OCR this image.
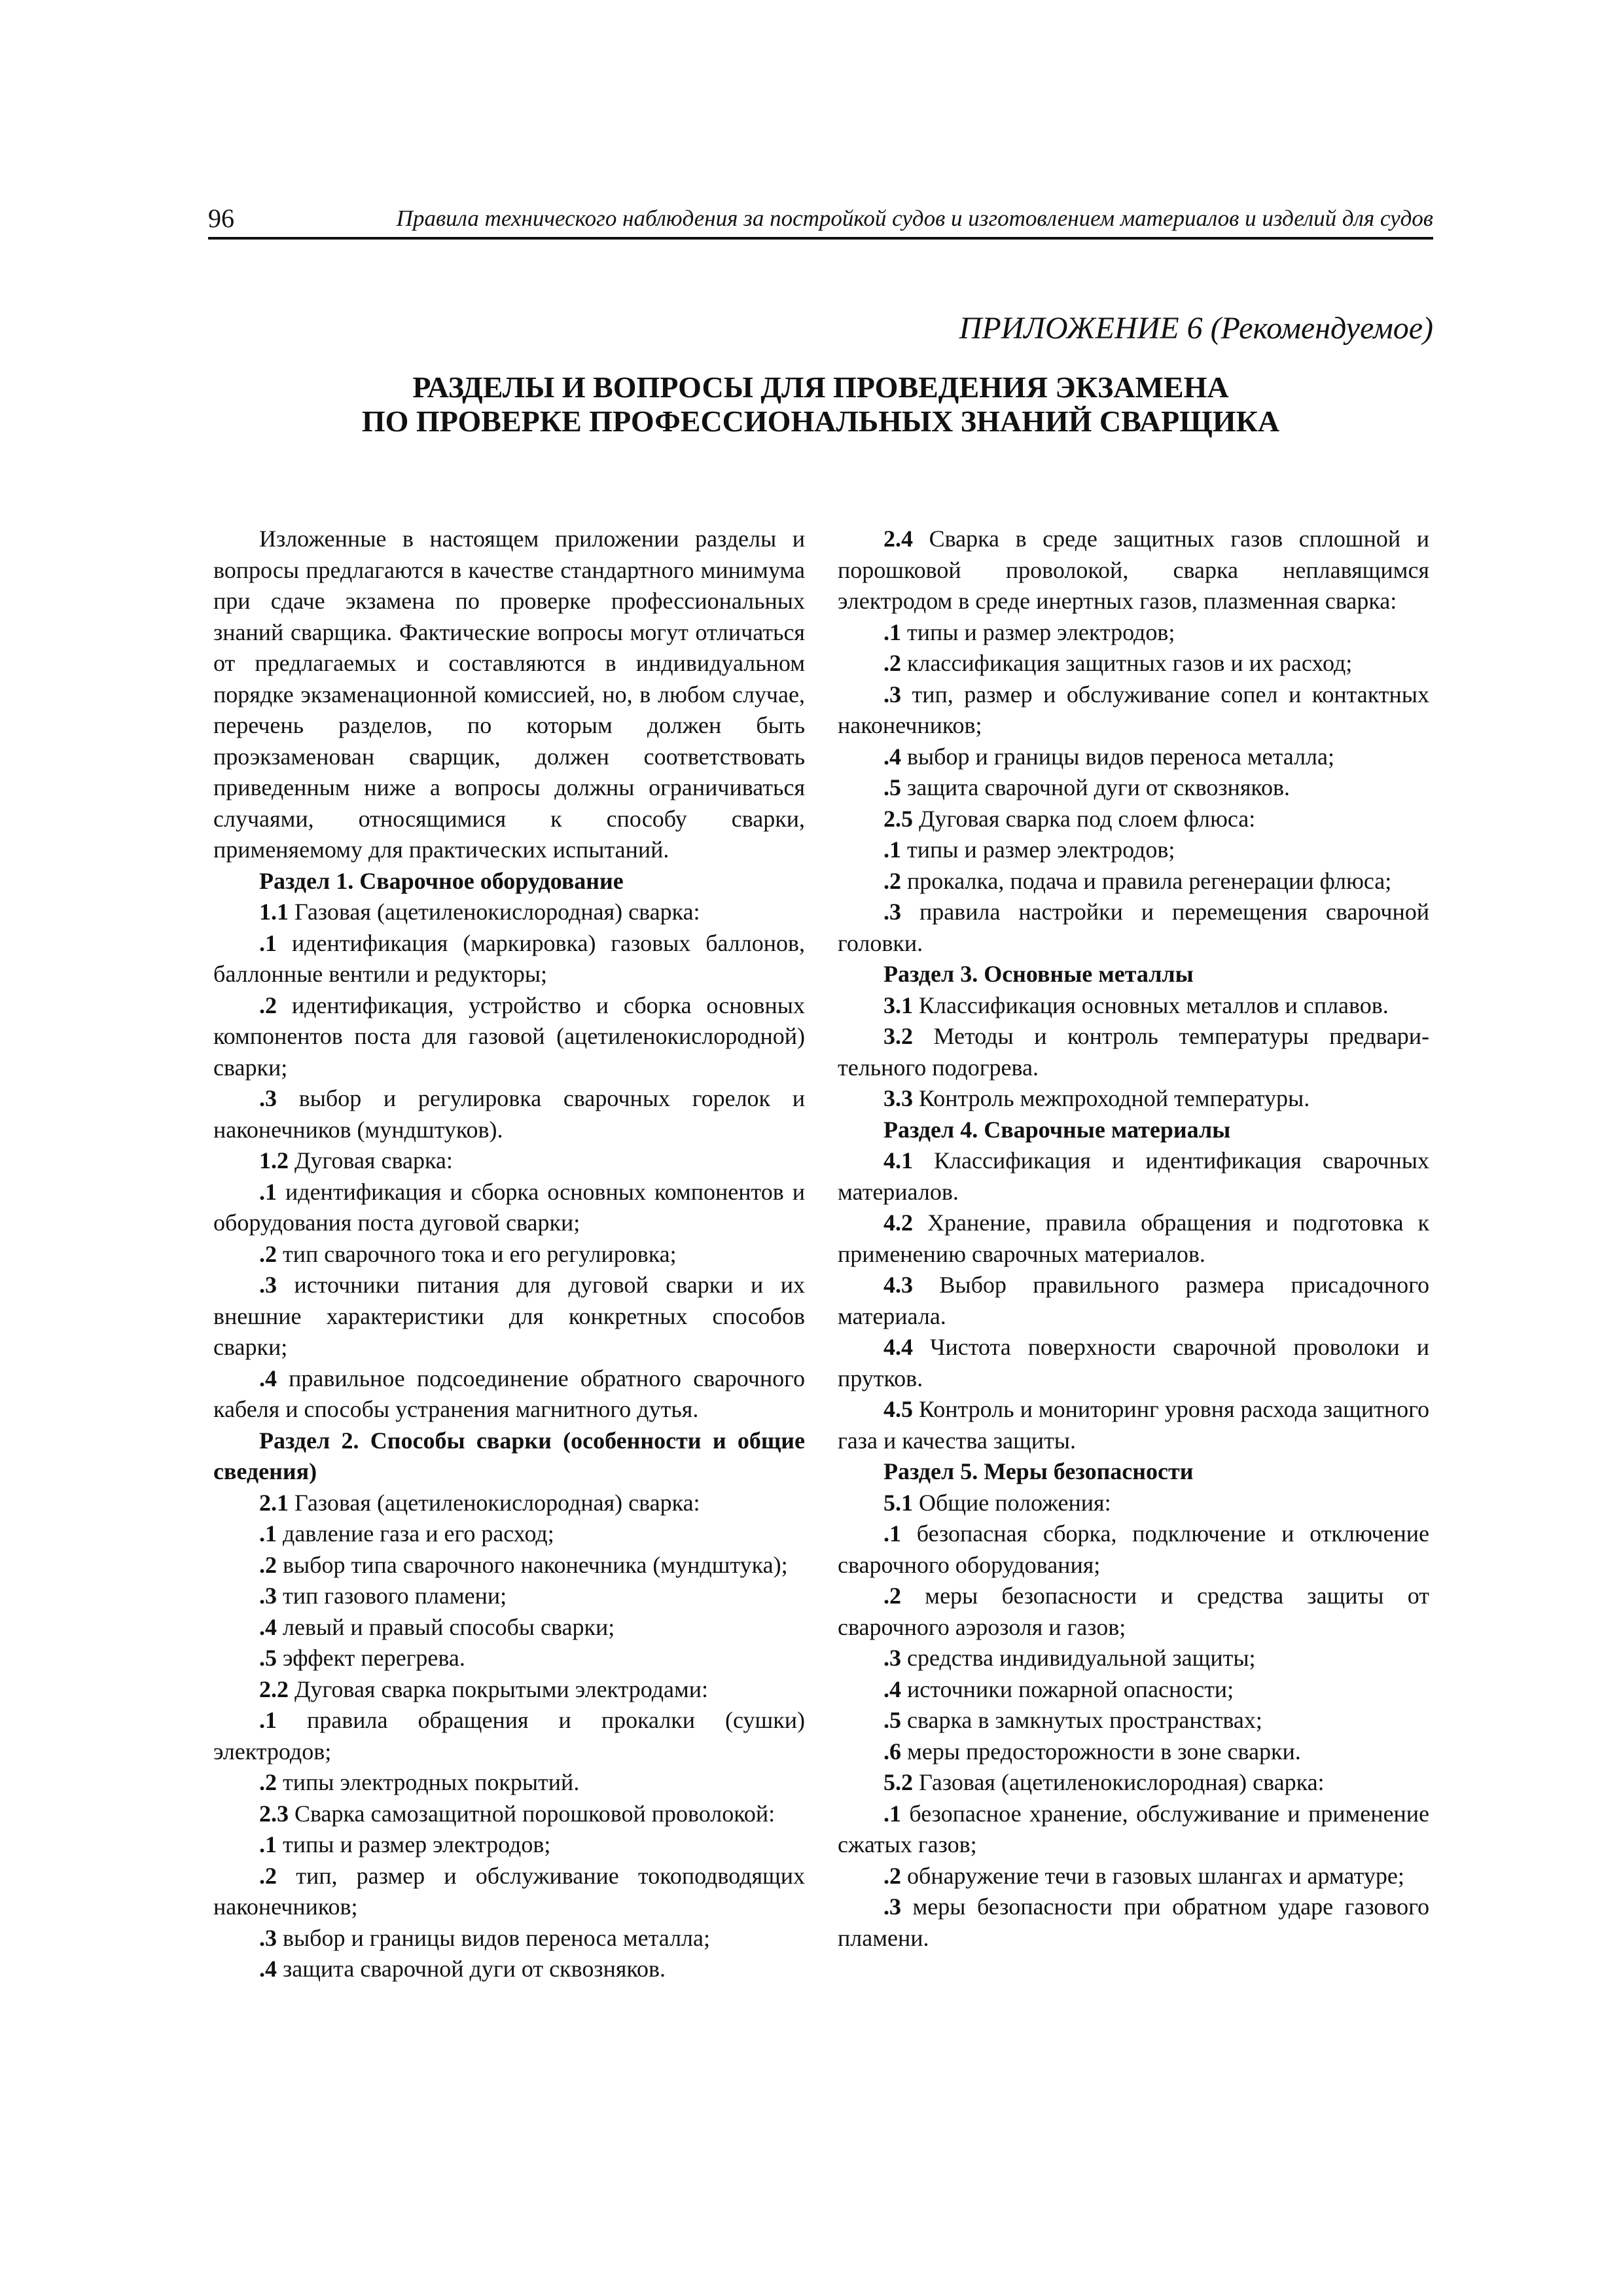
96	Правила технического наблюдения за постройкой судов и изготовлением материалов и изделий для судов
ПРИЛОЖЕНИЕ 6 (Рекомендуемое)
РАЗДЕЛЫ И ВОПРОСЫ ДЛЯ ПРОВЕДЕНИЯ ЭКЗАМЕНА
ПО ПРОВЕРКЕ ПРОФЕССИОНАЛЬНЫХ ЗНАНИЙ СВАРЩИКА

Изложенные в настоящем приложении разделы и вопросы предлагаются в качестве стандартного минимума при сдаче экзамена по проверке профессиональных знаний сварщика. Фактические вопросы могут отличаться от предлагаемых и составляются в индивидуальном порядке экзаменационной комиссией, но, в любом случае, перечень разделов, по которым должен быть проэкзаменован сварщик, должен соответствовать приведенным ниже а вопросы должны ограничиваться случаями, относящимися к способу сварки, применяемому для практических испытаний.

Раздел 1. Сварочное оборудование

1.1 Газовая (ацетиленокислородная) сварка:

.1 идентификация (маркировка) газовых баллонов, баллонные вентили и редукторы;

.2 идентификация, устройство и сборка основных компонентов поста для газовой (ацетиленокислородной) сварки;

.3 выбор и регулировка сварочных горелок и наконечников (мундштуков).

1.2 Дуговая сварка:

.1 идентификация и сборка основных компонентов и оборудования поста дуговой сварки;

.2 тип сварочного тока и его регулировка;

.3 источники питания для дуговой сварки и их внешние характеристики для конкретных способов сварки;

.4 правильное подсоединение обратного сварочного кабеля и способы устранения магнитного дутья.

Раздел 2. Способы сварки (особенности и общие сведения)

2.1 Газовая (ацетиленокислородная) сварка:

.1 давление газа и его расход;

.2 выбор типа сварочного наконечника (мундштука);

.3 тип газового пламени;

.4 левый и правый способы сварки;

.5 эффект перегрева.

2.2 Дуговая сварка покрытыми электродами:

.1 правила обращения и прокалки (сушки) электродов;

.2 типы электродных покрытий.

2.3 Сварка самозащитной порошковой проволокой:

.1 типы и размер электродов;

.2 тип, размер и обслуживание токоподводящих наконечников;

.3 выбор и границы видов переноса металла;

.4 защита сварочной дуги от сквозняков.

2.4 Сварка в среде защитных газов сплошной и порошковой проволокой, сварка неплавящимся электродом в среде инертных газов, плазменная сварка:

.1 типы и размер электродов;

.2 классификация защитных газов и их расход;

.3 тип, размер и обслуживание сопел и контактных наконечников;

.4 выбор и границы видов переноса металла;

.5 защита сварочной дуги от сквозняков.

2.5 Дуговая сварка под слоем флюса:

.1 типы и размер электродов;

.2 прокалка, подача и правила регенерации флюса;

.3 правила настройки и перемещения сварочной головки.

Раздел 3. Основные металлы

3.1 Классификация основных металлов и сплавов.

3.2 Методы и контроль температуры предварительного подогрева.

3.3 Контроль межпроходной температуры.

Раздел 4. Сварочные материалы

4.1 Классификация и идентификация сварочных материалов.

4.2 Хранение, правила обращения и подготовка к применению сварочных материалов.

4.3 Выбор правильного размера присадочного материала.

4.4 Чистота поверхности сварочной проволоки и прутков.

4.5 Контроль и мониторинг уровня расхода защитного газа и качества защиты.

Раздел 5. Меры безопасности

5.1 Общие положения:

.1 безопасная сборка, подключение и отключение сварочного оборудования;

.2 меры безопасности и средства защиты от сварочного аэрозоля и газов;

.3 средства индивидуальной защиты;

.4 источники пожарной опасности;

.5 сварка в замкнутых пространствах;

.6 меры предосторожности в зоне сварки.

5.2 Газовая (ацетиленокислородная) сварка:

.1 безопасное хранение, обслуживание и применение сжатых газов;

.2 обнаружение течи в газовых шлангах и арматуре;

.3 меры безопасности при обратном ударе газового пламени.
